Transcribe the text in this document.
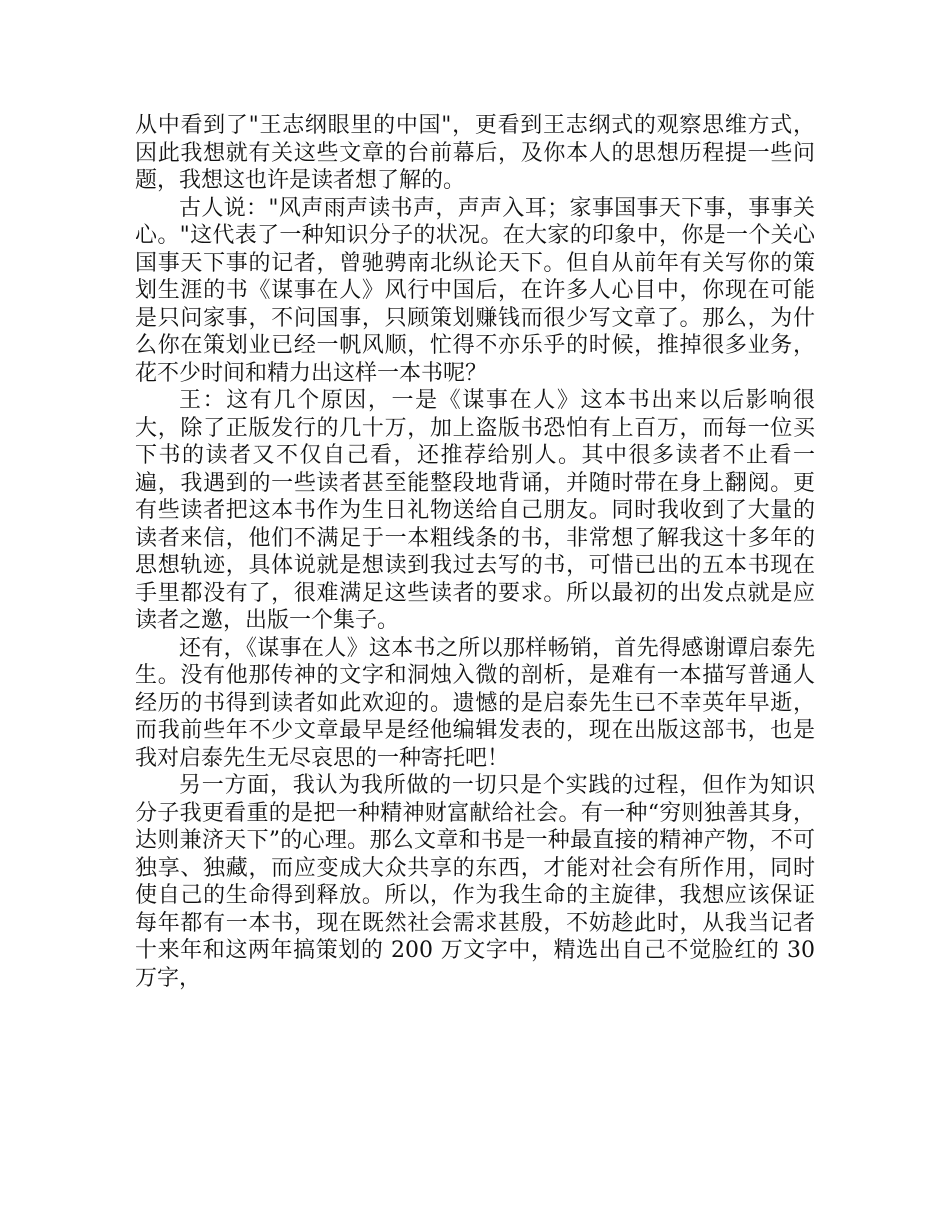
从中看到了"王志纲眼里的中国"，更看到王志纲式的观察思维方式，因此我想就有关这些文章的台前幕后，及你本人的思想历程提一些问题，我想这也许是读者想了解的。

古人说："风声雨声读书声，声声入耳；家事国事天下事，事事关心。"这代表了一种知识分子的状况。在大家的印象中，你是一个关心国事天下事的记者，曾驰骋南北纵论天下。但自从前年有关写你的策划生涯的书《谋事在人》风行中国后，在许多人心目中，你现在可能是只问家事，不问国事，只顾策划赚钱而很少写文章了。那么，为什么你在策划业已经一帆风顺，忙得不亦乐乎的时候，推掉很多业务，花不少时间和精力出这样一本书呢？

王：这有几个原因，一是《谋事在人》这本书出来以后影响很大，除了正版发行的几十万，加上盗版书恐怕有上百万，而每一位买下书的读者又不仅自己看，还推荐给别人。其中很多读者不止看一遍，我遇到的一些读者甚至能整段地背诵，并随时带在身上翻阅。更有些读者把这本书作为生日礼物送给自己朋友。同时我收到了大量的读者来信，他们不满足于一本粗线条的书，非常想了解我这十多年的思想轨迹，具体说就是想读到我过去写的书，可惜已出的五本书现在手里都没有了，很难满足这些读者的要求。所以最初的出发点就是应读者之邀，出版一个集子。

还有，《谋事在人》这本书之所以那样畅销，首先得感谢谭启泰先生。没有他那传神的文字和洞烛入微的剖析，是难有一本描写普通人经历的书得到读者如此欢迎的。遗憾的是启泰先生已不幸英年早逝，而我前些年不少文章最早是经他编辑发表的，现在出版这部书，也是我对启泰先生无尽哀思的一种寄托吧！

另一方面，我认为我所做的一切只是个实践的过程，但作为知识分子我更看重的是把一种精神财富献给社会。有一种“穷则独善其身，达则兼济天下”的心理。那么文章和书是一种最直接的精神产物，不可独享、独藏，而应变成大众共享的东西，才能对社会有所作用，同时使自己的生命得到释放。所以，作为我生命的主旋律，我想应该保证每年都有一本书，现在既然社会需求甚殷，不妨趁此时，从我当记者十来年和这两年搞策划的 200 万文字中，精选出自己不觉脸红的 30 万字，
